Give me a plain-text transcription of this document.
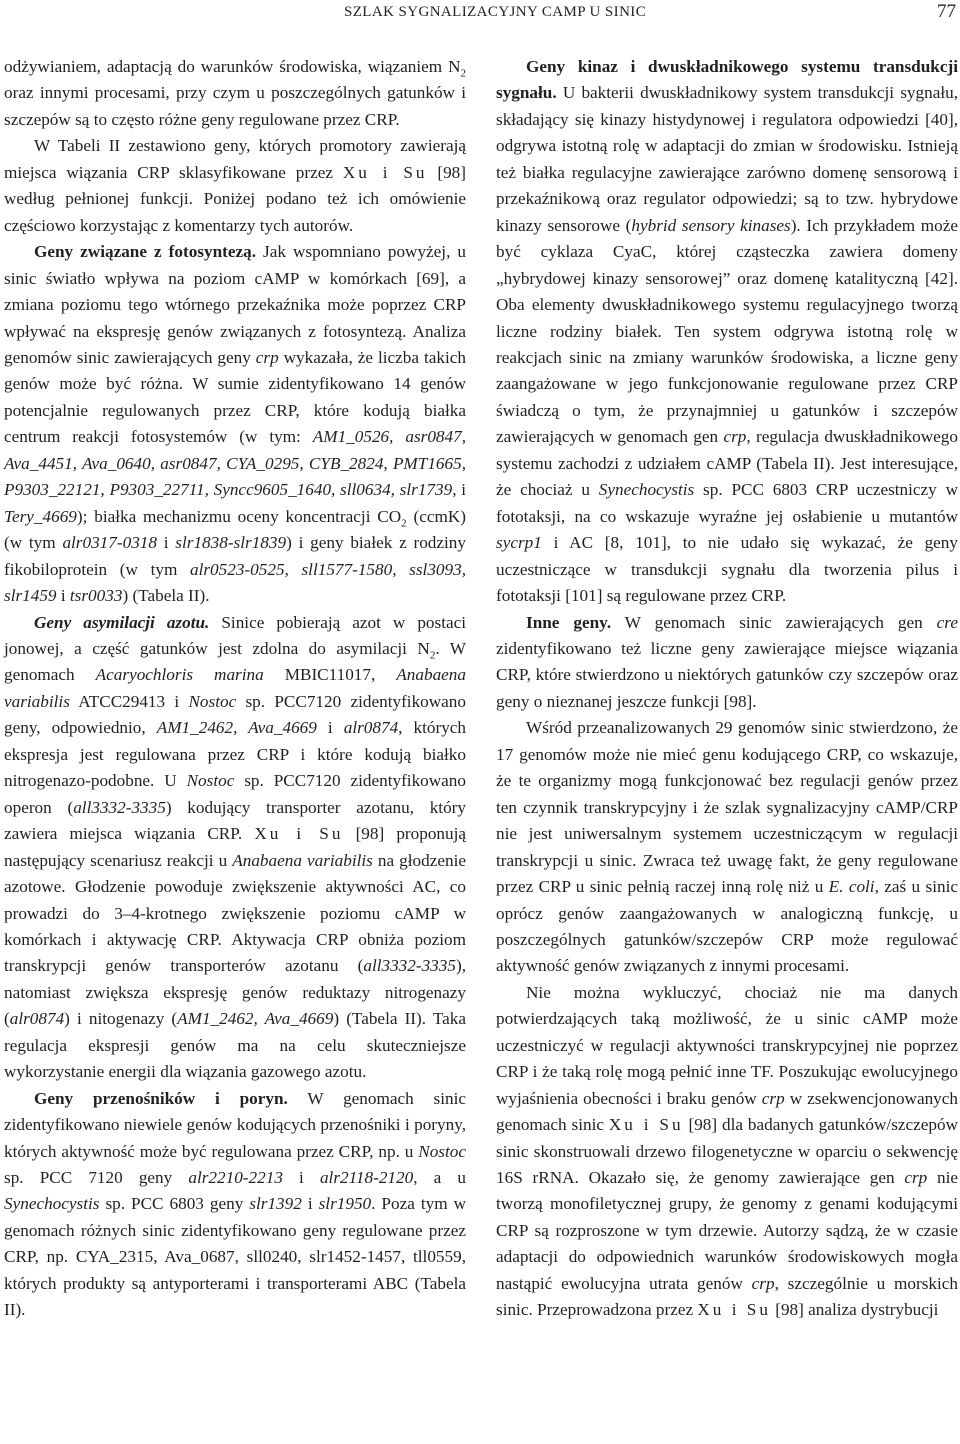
SZLAK SYGNALIZACYJNY CAMP U SINIC	77

odżywianiem, adaptacją do warunków środowiska, wiązaniem $N_2$ oraz innymi procesami, przy czym u poszczególnych gatunków i szczepów są to często różne geny regulowane przez CRP.

W Tabeli II zestawiono geny, których promotory zawierają miejsca wiązania CRP sklasyfikowane przez Xu i Su [98] według pełnionej funkcji. Poniżej podano też ich omówienie częściowo korzystając z komentarzy tych autorów.

Geny związane z fotosyntezą. Jak wspomniano powyżej, u sinic światło wpływa na poziom cAMP w komórkach [69], a zmiana poziomu tego wtórnego przekaźnika może poprzez CRP wpływać na ekspresję genów związanych z fotosyntezą. Analiza genomów sinic zawierających geny crp wykazała, że liczba takich genów może być różna. W sumie zidentyfikowano 14 genów potencjalnie regulowanych przez CRP, które kodują białka centrum reakcji fotosystemów (w tym: AM1_0526, asr0847, Ava_4451, Ava_0640, asr0847, CYA_0295, CYB_2824, PMT1665, P9303_22121, P9303_22711, Syncc9605_1640, sll0634, slr1739, i Tery_4669); białka mechanizmu oceny koncentracji $CO_2$ (ccmK) (w tym alr0317-0318 i slr1838-slr1839) i geny białek z rodziny fikobiloprotein (w tym alr0523-0525, sll1577-1580, ssl3093, slr1459 i tsr0033) (Tabela II).

Geny asymilacji azotu. Sinice pobierają azot w postaci jonowej, a część gatunków jest zdolna do asymilacji $N_2$. W genomach Acaryochloris marina MBIC11017, Anabaena variabilis ATCC29413 i Nostoc sp. PCC7120 zidentyfikowano geny, odpowiednio, AM1_2462, Ava_4669 i alr0874, których ekspresja jest regulowana przez CRP i które kodują białko nitrogenazo-podobne. U Nostoc sp. PCC7120 zidentyfikowano operon (all3332-3335) kodujący transporter azotanu, który zawiera miejsca wiązania CRP. Xu i Su [98] proponują następujący scenariusz reakcji u Anabaena variabilis na głodzenie azotowe. Głodzenie powoduje zwiększenie aktywności AC, co prowadzi do 3–4-krotnego zwiększenie poziomu cAMP w komórkach i aktywację CRP. Aktywacja CRP obniża poziom transkrypcji genów transporterów azotanu (all3332-3335), natomiast zwiększa ekspresję genów reduktazy nitrogenazy (alr0874) i nitogenazy (AM1_2462, Ava_4669) (Tabela II). Taka regulacja ekspresji genów ma na celu skuteczniejsze wykorzystanie energii dla wiązania gazowego azotu.

Geny przenośników i poryn. W genomach sinic zidentyfikowano niewiele genów kodujących przenośniki i poryny, których aktywność może być regulowana przez CRP, np. u Nostoc sp. PCC 7120 geny alr2210-2213 i alr2118-2120, a u Synechocystis sp. PCC 6803 geny slr1392 i slr1950. Poza tym w genomach różnych sinic zidentyfikowano geny regulowane przez CRP, np. CYA_2315, Ava_0687, sll0240, slr1452-1457, tll0559, których produkty są antyporterami i transporterami ABC (Tabela II).

Geny kinaz i dwuskładnikowego systemu transdukcji sygnału. U bakterii dwuskładnikowy system transdukcji sygnału, składający się kinazy histydynowej i regulatora odpowiedzi [40], odgrywa istotną rolę w adaptacji do zmian w środowisku. Istnieją też białka regulacyjne zawierające zarówno domenę sensorową i przekaźnikową oraz regulator odpowiedzi; są to tzw. hybrydowe kinazy sensorowe (hybrid sensory kinases). Ich przykładem może być cyklaza CyaC, której cząsteczka zawiera domeny „hybrydowej kinazy sensorowej” oraz domenę katalityczną [42]. Oba elementy dwuskładnikowego systemu regulacyjnego tworzą liczne rodziny białek. Ten system odgrywa istotną rolę w reakcjach sinic na zmiany warunków środowiska, a liczne geny zaangażowane w jego funkcjonowanie regulowane przez CRP świadczą o tym, że przynajmniej u gatunków i szczepów zawierających w genomach gen crp, regulacja dwuskładnikowego systemu zachodzi z udziałem cAMP (Tabela II). Jest interesujące, że chociaż u Synechocystis sp. PCC 6803 CRP uczestniczy w fototaksji, na co wskazuje wyraźne jej osłabienie u mutantów sycrp1 i AC [8, 101], to nie udało się wykazać, że geny uczestniczące w transdukcji sygnału dla tworzenia pilus i fototaksji [101] są regulowane przez CRP.

Inne geny. W genomach sinic zawierających gen cre zidentyfikowano też liczne geny zawierające miejsce wiązania CRP, które stwierdzono u niektórych gatunków czy szczepów oraz geny o nieznanej jeszcze funkcji [98].

Wśród przeanalizowanych 29 genomów sinic stwierdzono, że 17 genomów może nie mieć genu kodującego CRP, co wskazuje, że te organizmy mogą funkcjonować bez regulacji genów przez ten czynnik transkrypcyjny i że szlak sygnalizacyjny cAMP/CRP nie jest uniwersalnym systemem uczestniczącym w regulacji transkrypcji u sinic. Zwraca też uwagę fakt, że geny regulowane przez CRP u sinic pełnią raczej inną rolę niż u E. coli, zaś u sinic oprócz genów zaangażowanych w analogiczną funkcję, u poszczególnych gatunków/szczepów CRP może regulować aktywność genów związanych z innymi procesami.

Nie można wykluczyć, chociaż nie ma danych potwierdzających taką możliwość, że u sinic cAMP może uczestniczyć w regulacji aktywności transkrypcyjnej nie poprzez CRP i że taką rolę mogą pełnić inne TF. Poszukując ewolucyjnego wyjaśnienia obecności i braku genów crp w zsekwencjonowanych genomach sinic Xu i Su [98] dla badanych gatunków/szczepów sinic skonstruowali drzewo filogenetyczne w oparciu o sekwencję 16S rRNA. Okazało się, że genomy zawierające gen crp nie tworzą monofiletycznej grupy, że genomy z genami kodującymi CRP są rozproszone w tym drzewie. Autorzy sądzą, że w czasie adaptacji do odpowiednich warunków środowiskowych mogła nastąpić ewolucyjna utrata genów crp, szczególnie u morskich sinic. Przeprowadzona przez Xu i Su [98] analiza dystrybucji
